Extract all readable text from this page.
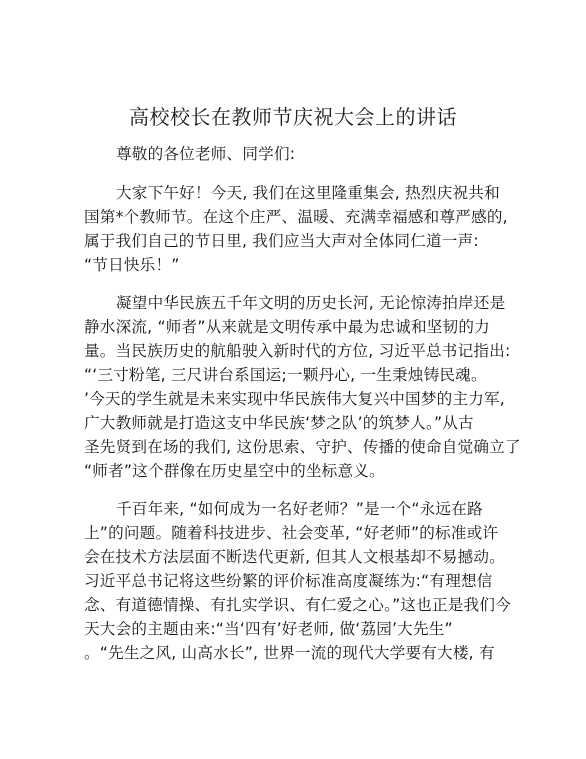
高校校长在教师节庆祝大会上的讲话

尊敬的各位老师、同学们:

大家下午好！今天, 我们在这里隆重集会, 热烈庆祝共和

国第*个教师节。在这个庄严、温暖、充满幸福感和尊严感的,

属于我们自己的节日里, 我们应当大声对全体同仁道一声:

“节日快乐！”

凝望中华民族五千年文明的历史长河, 无论惊涛拍岸还是

静水深流, “师者”从来就是文明传承中最为忠诚和坚韧的力

量。当民族历史的航船驶入新时代的方位, 习近平总书记指出:

“‘三寸粉笔, 三尺讲台系国运;一颗丹心, 一生秉烛铸民魂。

’今天的学生就是未来实现中华民族伟大复兴中国梦的主力军,

广大教师就是打造这支中华民族‘梦之队’的筑梦人。”从古

圣先贤到在场的我们, 这份思索、守护、传播的使命自觉确立了

“师者”这个群像在历史星空中的坐标意义。

千百年来, “如何成为一名好老师？”是一个“永远在路

上”的问题。随着科技进步、社会变革, “好老师”的标准或许

会在技术方法层面不断迭代更新, 但其人文根基却不易撼动。

习近平总书记将这些纷繁的评价标准高度凝练为:“有理想信

念、有道德情操、有扎实学识、有仁爱之心。”这也正是我们今

天大会的主题由来:“当‘四有’好老师, 做‘荔园’大先生”

。“先生之风, 山高水长”, 世界一流的现代大学要有大楼, 有
